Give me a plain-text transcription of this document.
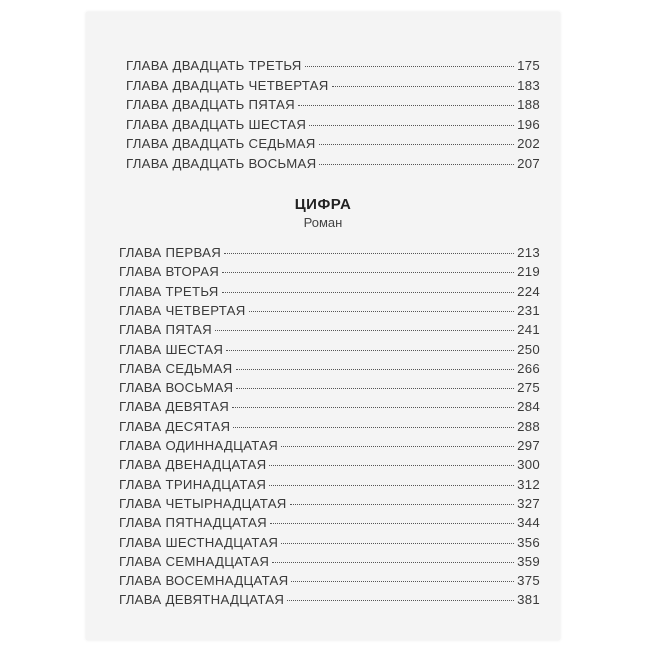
ГЛАВА ДВАДЦАТЬ ТРЕТЬЯ	175
ГЛАВА ДВАДЦАТЬ ЧЕТВЕРТАЯ	183
ГЛАВА ДВАДЦАТЬ ПЯТАЯ	188
ГЛАВА ДВАДЦАТЬ ШЕСТАЯ	196
ГЛАВА ДВАДЦАТЬ СЕДЬМАЯ	202
ГЛАВА ДВАДЦАТЬ ВОСЬМАЯ	207
ЦИФРА
Роман
ГЛАВА ПЕРВАЯ	213
ГЛАВА ВТОРАЯ	219
ГЛАВА ТРЕТЬЯ	224
ГЛАВА ЧЕТВЕРТАЯ	231
ГЛАВА ПЯТАЯ	241
ГЛАВА ШЕСТАЯ	250
ГЛАВА СЕДЬМАЯ	266
ГЛАВА ВОСЬМАЯ	275
ГЛАВА ДЕВЯТАЯ	284
ГЛАВА ДЕСЯТАЯ	288
ГЛАВА ОДИННАДЦАТАЯ	297
ГЛАВА ДВЕНАДЦАТАЯ	300
ГЛАВА ТРИНАДЦАТАЯ	312
ГЛАВА ЧЕТЫРНАДЦАТАЯ	327
ГЛАВА ПЯТНАДЦАТАЯ	344
ГЛАВА ШЕСТНАДЦАТАЯ	356
ГЛАВА СЕМНАДЦАТАЯ	359
ГЛАВА ВОСЕМНАДЦАТАЯ	375
ГЛАВА ДЕВЯТНАДЦАТАЯ	381
